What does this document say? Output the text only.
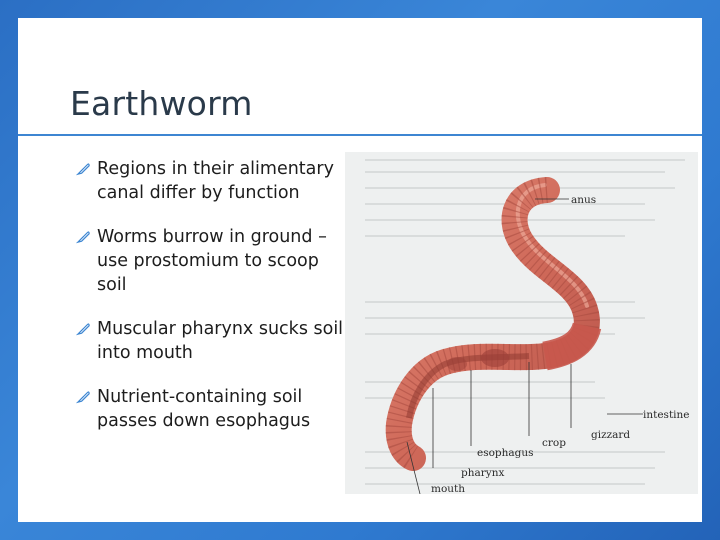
Earthworm
Regions in their alimentary canal differ by function
Worms burrow in ground – use prostomium to scoop soil
Muscular pharynx sucks soil into mouth
Nutrient-containing soil passes down esophagus
anus
intestine
gizzard
crop
esophagus
pharynx
mouth
